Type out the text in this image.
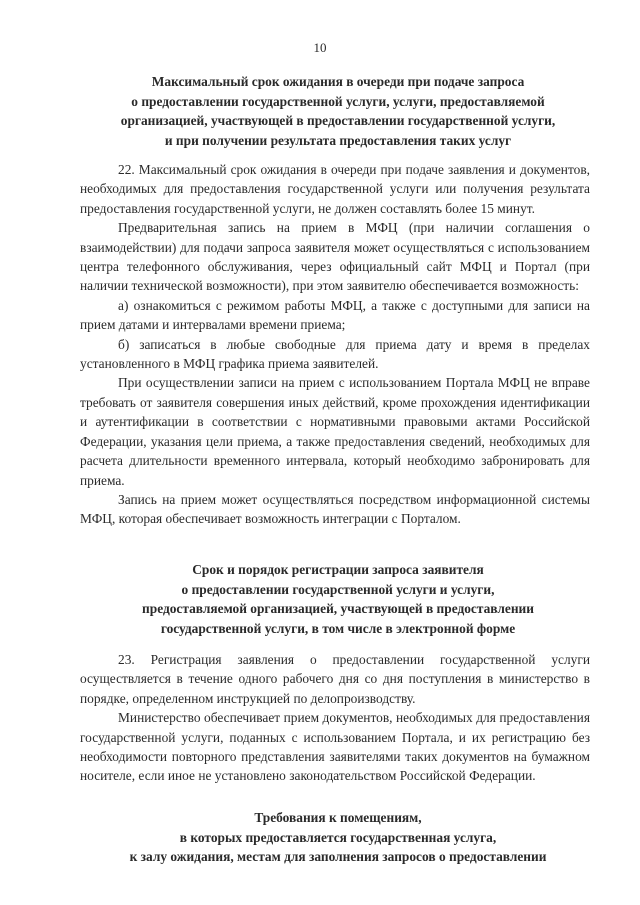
10
Максимальный срок ожидания в очереди при подаче запроса
о предоставлении государственной услуги, услуги, предоставляемой
организацией, участвующей в предоставлении государственной услуги,
и при получении результата предоставления таких услуг

22. Максимальный срок ожидания в очереди при подаче заявления и документов, необходимых для предоставления государственной услуги или получения результата предоставления государственной услуги, не должен составлять более 15 минут.

Предварительная запись на прием в МФЦ (при наличии соглашения о взаимодействии) для подачи запроса заявителя может осуществляться с использованием центра телефонного обслуживания, через официальный сайт МФЦ и Портал (при наличии технической возможности), при этом заявителю обеспечивается возможность:

а) ознакомиться с режимом работы МФЦ, а также с доступными для записи на прием датами и интервалами времени приема;

б) записаться в любые свободные для приема дату и время в пределах установленного в МФЦ графика приема заявителей.

При осуществлении записи на прием с использованием Портала МФЦ не вправе требовать от заявителя совершения иных действий, кроме прохождения идентификации и аутентификации в соответствии с нормативными правовыми актами Российской Федерации, указания цели приема, а также предоставления сведений, необходимых для расчета длительности временного интервала, который необходимо забронировать для приема.

Запись на прием может осуществляться посредством информационной системы МФЦ, которая обеспечивает возможность интеграции с Порталом.

Срок и порядок регистрации запроса заявителя
о предоставлении государственной услуги и услуги,
предоставляемой организацией, участвующей в предоставлении
государственной услуги, в том числе в электронной форме

23. Регистрация заявления о предоставлении государственной услуги осуществляется в течение одного рабочего дня со дня поступления в министерство в порядке, определенном инструкцией по делопроизводству.

Министерство обеспечивает прием документов, необходимых для предоставления государственной услуги, поданных с использованием Портала, и их регистрацию без необходимости повторного представления заявителями таких документов на бумажном носителе, если иное не установлено законодательством Российской Федерации.

Требования к помещениям,
в которых предоставляется государственная услуга,
к залу ожидания, местам для заполнения запросов о предоставлении
